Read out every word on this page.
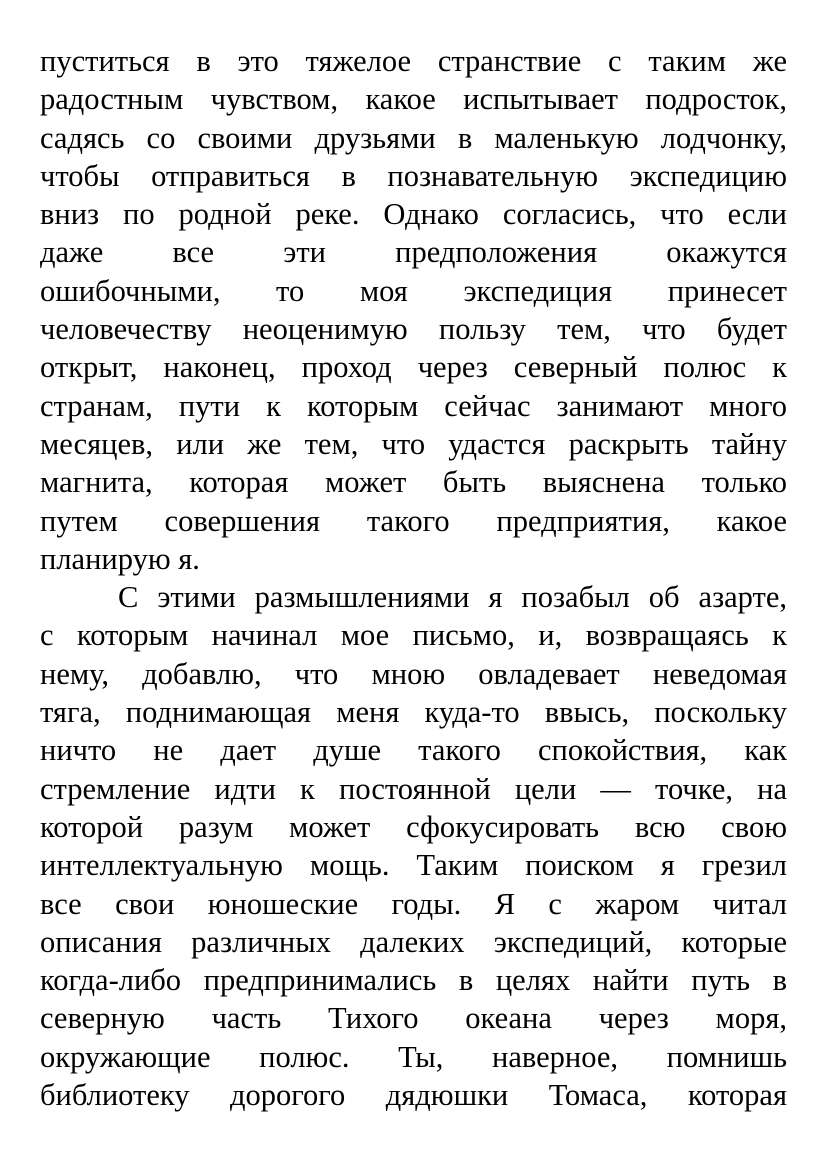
пуститься в это тяжелое странствие с таким же
радостным чувством, какое испытывает подросток,
садясь со своими друзьями в маленькую лодчонку,
чтобы отправиться в познавательную экспедицию
вниз по родной реке. Однако согласись, что если
даже все эти предположения окажутся
ошибочными, то моя экспедиция принесет
человечеству неоценимую пользу тем, что будет
открыт, наконец, проход через северный полюс к
странам, пути к которым сейчас занимают много
месяцев, или же тем, что удастся раскрыть тайну
магнита, которая может быть выяснена только
путем совершения такого предприятия, какое
планирую я.
С этими размышлениями я позабыл об азарте,
с которым начинал мое письмо, и, возвращаясь к
нему, добавлю, что мною овладевает неведомая
тяга, поднимающая меня куда-то ввысь, поскольку
ничто не дает душе такого спокойствия, как
стремление идти к постоянной цели — точке, на
которой разум может сфокусировать всю свою
интеллектуальную мощь. Таким поиском я грезил
все свои юношеские годы. Я с жаром читал
описания различных далеких экспедиций, которые
когда-либо предпринимались в целях найти путь в
северную часть Тихого океана через моря,
окружающие полюс. Ты, наверное, помнишь
библиотеку дорогого дядюшки Томаса, которая
